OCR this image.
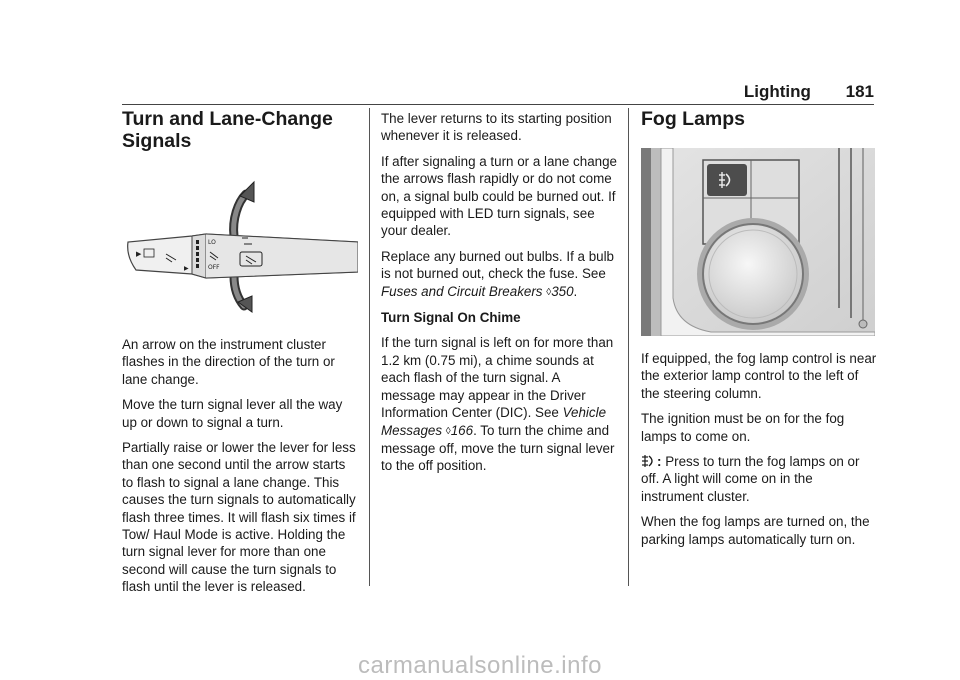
Lighting 181
Turn and Lane-Change
Signals
▶
▶
LO
OFF

An arrow on the instrument cluster flashes in the direction of the turn or lane change.

Move the turn signal lever all the way up or down to signal a turn.

Partially raise or lower the lever for less than one second until the arrow starts to flash to signal a lane change. This causes the turn signals to automatically flash three times. It will flash six times if Tow/ Haul Mode is active. Holding the turn signal lever for more than one second will cause the turn signals to flash until the lever is released.

The lever returns to its starting position whenever it is released.

If after signaling a turn or a lane change the arrows flash rapidly or do not come on, a signal bulb could be burned out. If equipped with LED turn signals, see your dealer.

Replace any burned out bulbs. If a bulb is not burned out, check the fuse. See Fuses and Circuit Breakers ◊350.

Turn Signal On Chime

If the turn signal is left on for more than 1.2 km (0.75 mi), a chime sounds at each flash of the turn signal. A message may appear in the Driver Information Center (DIC). See Vehicle Messages ◊166. To turn the chime and message off, move the turn signal lever to the off position.

Fog Lamps

If equipped, the fog lamp control is near the exterior lamp control to the left of the steering column.

The ignition must be on for the fog lamps to come on.

: Press to turn the fog lamps on or off. A light will come on in the instrument cluster.

When the fog lamps are turned on, the parking lamps automatically turn on.

carmanualsonline.info
